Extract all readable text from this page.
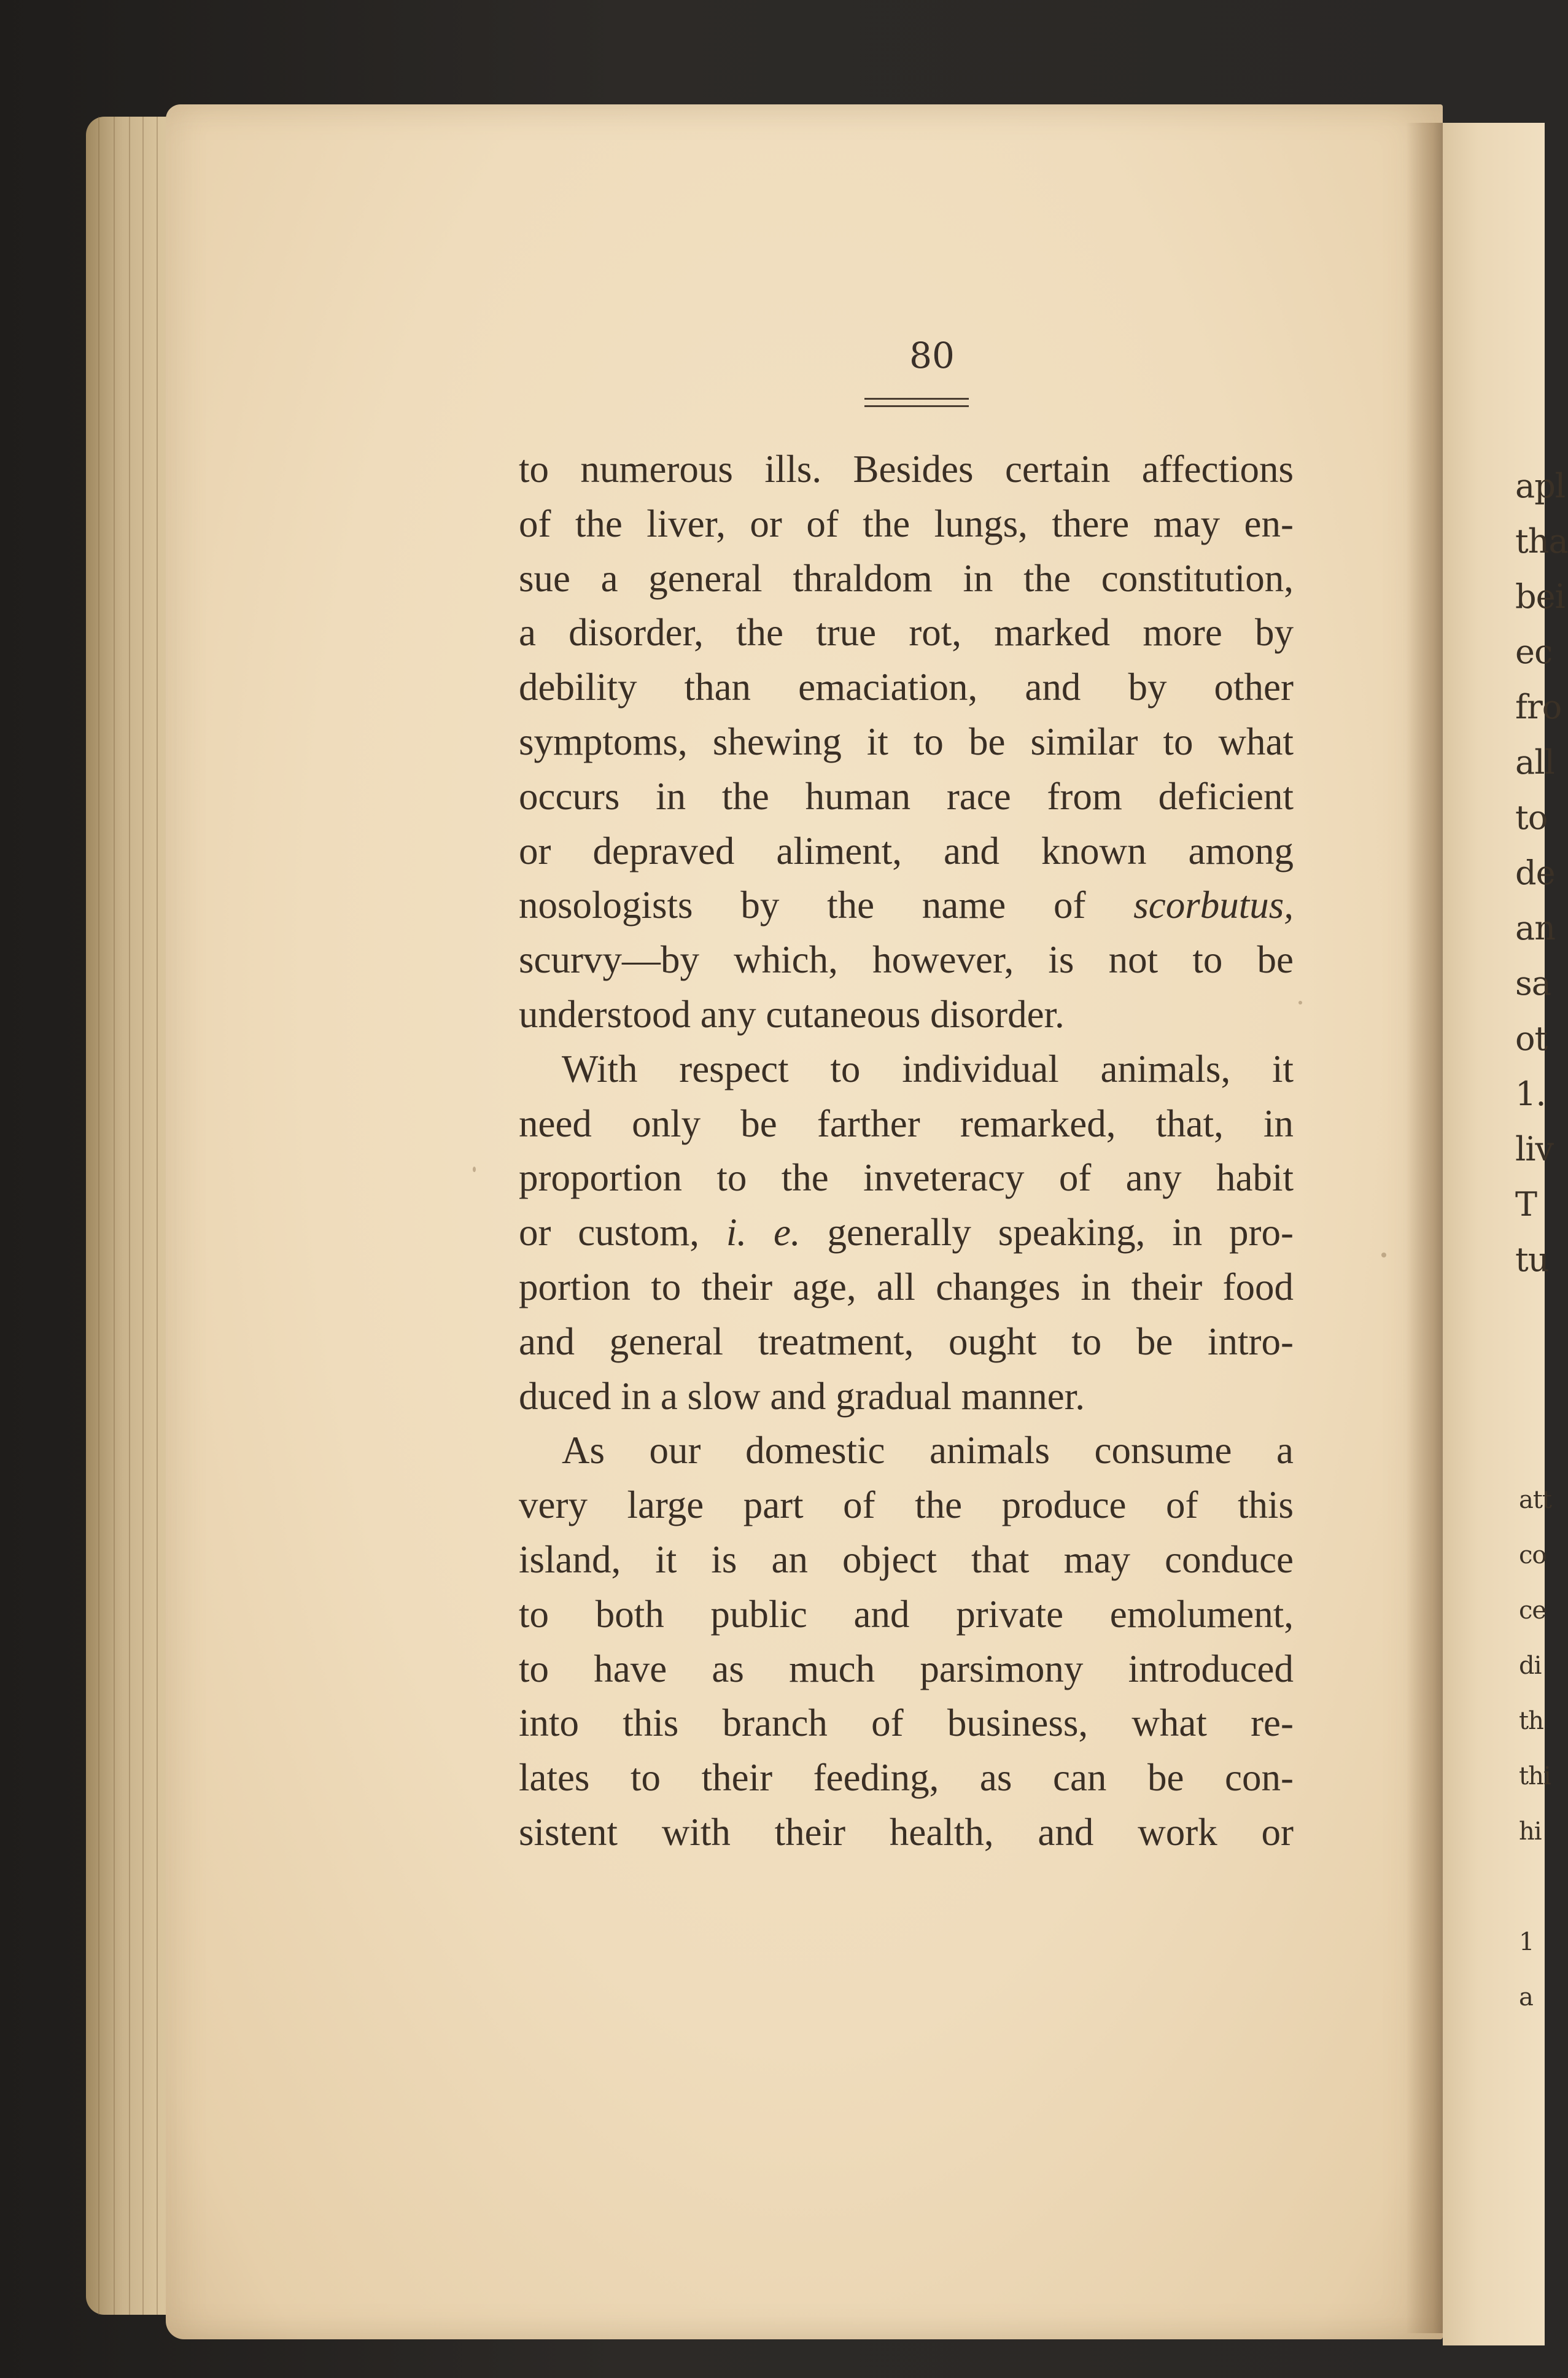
apl
tha
bei
ec
fro
all
to
de
an
sa
ot
1.
liv
T
tu
att
co
ce
di
th
thi
hi
1
a
80
to numerous ills. Besides certain affections
of the liver, or of the lungs, there may en-
sue a general thraldom in the constitution,
a disorder, the true rot, marked more by
debility than emaciation, and by other
symptoms, shewing it to be similar to what
occurs in the human race from deficient
or depraved aliment, and known among
nosologists by the name of scorbutus,
scurvy—by which, however, is not to be
understood any cutaneous disorder.
With respect to individual animals, it
need only be farther remarked, that, in
proportion to the inveteracy of any habit
or custom, i. e. generally speaking, in pro-
portion to their age, all changes in their food
and general treatment, ought to be intro-
duced in a slow and gradual manner.
As our domestic animals consume a
very large part of the produce of this
island, it is an object that may conduce
to both public and private emolument,
to have as much parsimony introduced
into this branch of business, what re-
lates to their feeding, as can be con-
sistent with their health, and work or
